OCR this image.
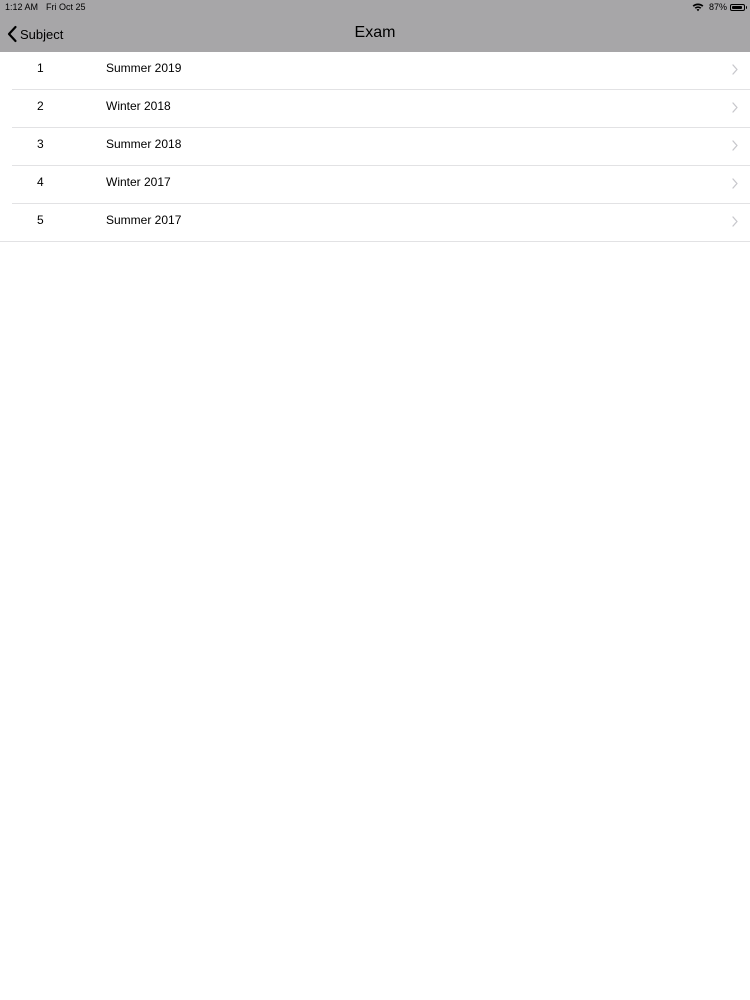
1:12 AM Fri Oct 25	87%
Subject	Exam
1	Summer 2019
2	Winter 2018
3	Summer 2018
4	Winter 2017
5	Summer 2017
